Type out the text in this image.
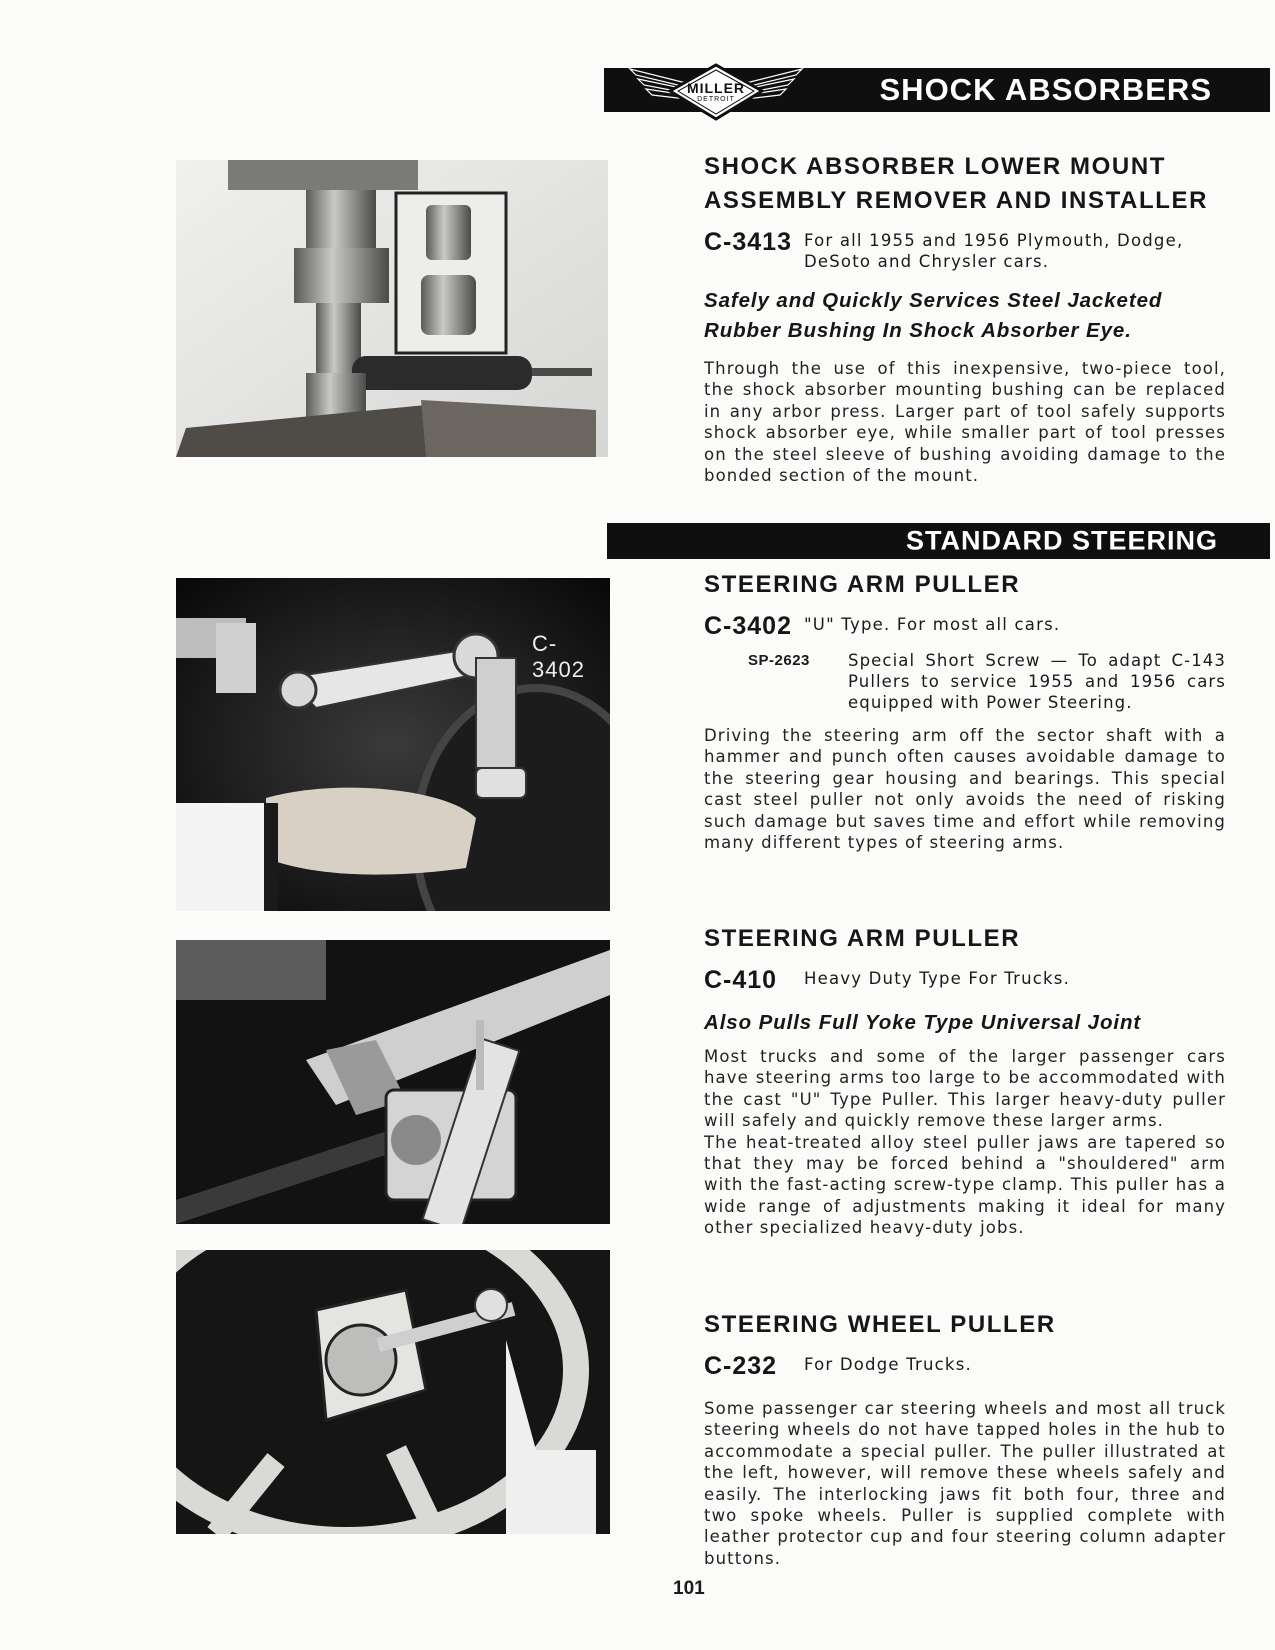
SHOCK ABSORBERS
STANDARD STEERING
MILLER
DETROIT
C-3402
SHOCK ABSORBER LOWER MOUNT
ASSEMBLY REMOVER AND INSTALLER
C-3413 For all 1955 and 1956 Plymouth, Dodge, DeSoto and Chrysler cars.

Safely and Quickly Services Steel Jacketed Rubber Bushing In Shock Absorber Eye.

Through the use of this inexpensive, two-piece tool, the shock absorber mounting bushing can be replaced in any arbor press. Larger part of tool safely supports shock absorber eye, while smaller part of tool presses on the steel sleeve of bushing avoiding damage to the bonded section of the mount.

STEERING ARM PULLER
C-3402 "U" Type. For most all cars.
SP-2623	Special Short Screw — To adapt C-143 Pullers to service 1955 and 1956 cars equipped with Power Steering.

Driving the steering arm off the sector shaft with a hammer and punch often causes avoidable damage to the steering gear housing and bearings. This special cast steel puller not only avoids the need of risking such damage but saves time and effort while removing many different types of steering arms.

STEERING ARM PULLER
C-410	Heavy Duty Type For Trucks.

Also Pulls Full Yoke Type Universal Joint

Most trucks and some of the larger passenger cars have steering arms too large to be accommodated with the cast "U" Type Puller. This larger heavy-duty puller will safely and quickly remove these larger arms.

The heat-treated alloy steel puller jaws are tapered so that they may be forced behind a "shouldered" arm with the fast-acting screw-type clamp. This puller has a wide range of adjustments making it ideal for many other specialized heavy-duty jobs.

STEERING WHEEL PULLER
C-232	For Dodge Trucks.

Some passenger car steering wheels and most all truck steering wheels do not have tapped holes in the hub to accommodate a special puller. The puller illustrated at the left, however, will remove these wheels safely and easily. The interlocking jaws fit both four, three and two spoke wheels. Puller is supplied complete with leather protector cup and four steering column adapter buttons.

101
